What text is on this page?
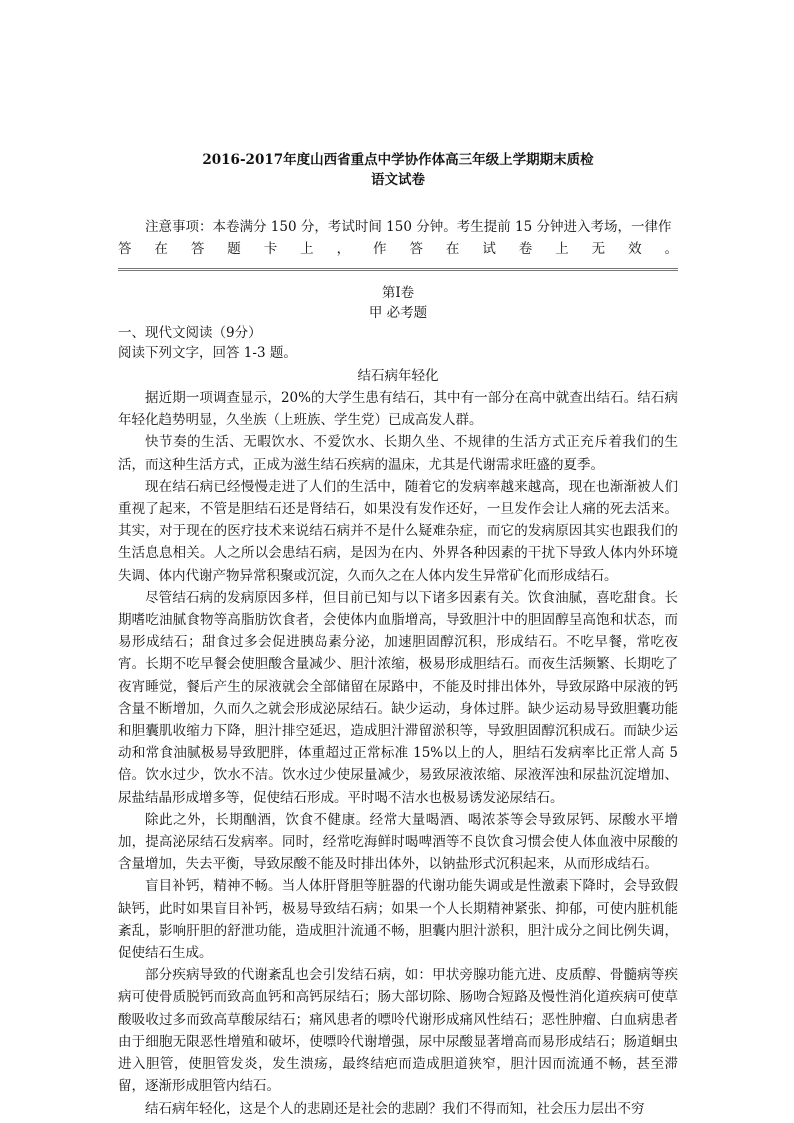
2016-2017年度山西省重点中学协作体高三年级上学期期末质检

语文试卷

注意事项：本卷满分 150 分，考试时间 150 分钟。考生提前 15 分钟进入考场，一律作

答在答题卡上，作答在试卷上无效。

第Ⅰ卷

甲 必考题

一、现代文阅读（9分）

阅读下列文字，回答 1-3 题。

结石病年轻化

据近期一项调查显示，20%的大学生患有结石，其中有一部分在高中就查出结石。结石病年轻化趋势明显，久坐族（上班族、学生党）已成高发人群。

快节奏的生活、无暇饮水、不爱饮水、长期久坐、不规律的生活方式正充斥着我们的生活，而这种生活方式，正成为滋生结石疾病的温床，尤其是代谢需求旺盛的夏季。

现在结石病已经慢慢走进了人们的生活中，随着它的发病率越来越高，现在也渐渐被人们重视了起来，不管是胆结石还是肾结石，如果没有发作还好，一旦发作会让人痛的死去活来。其实，对于现在的医疗技术来说结石病并不是什么疑难杂症，而它的发病原因其实也跟我们的生活息息相关。人之所以会患结石病，是因为在内、外界各种因素的干扰下导致人体内外环境失调、体内代谢产物异常积聚或沉淀，久而久之在人体内发生异常矿化而形成结石。

尽管结石病的发病原因多样，但目前已知与以下诸多因素有关。饮食油腻，喜吃甜食。长期嗜吃油腻食物等高脂肪饮食者，会使体内血脂增高，导致胆汁中的胆固醇呈高饱和状态，而易形成结石；甜食过多会促进胰岛素分泌，加速胆固醇沉积，形成结石。不吃早餐，常吃夜宵。长期不吃早餐会使胆酸含量减少、胆汁浓缩，极易形成胆结石。而夜生活频繁、长期吃了夜宵睡觉，餐后产生的尿液就会全部储留在尿路中，不能及时排出体外，导致尿路中尿液的钙含量不断增加，久而久之就会形成泌尿结石。缺少运动，身体过胖。缺少运动易导致胆囊功能和胆囊肌收缩力下降，胆汁排空延迟，造成胆汁滞留淤积等，导致胆固醇沉积成石。而缺少运动和常食油腻极易导致肥胖，体重超过正常标准 15%以上的人，胆结石发病率比正常人高 5 倍。饮水过少，饮水不洁。饮水过少使尿量减少，易致尿液浓缩、尿液浑浊和尿盐沉淀增加、尿盐结晶形成增多等，促使结石形成。平时喝不洁水也极易诱发泌尿结石。

除此之外，长期酗酒，饮食不健康。经常大量喝酒、喝浓茶等会导致尿钙、尿酸水平增加，提高泌尿结石发病率。同时，经常吃海鲜时喝啤酒等不良饮食习惯会使人体血液中尿酸的含量增加，失去平衡，导致尿酸不能及时排出体外，以钠盐形式沉积起来，从而形成结石。

盲目补钙，精神不畅。当人体肝肾胆等脏器的代谢功能失调或是性激素下降时，会导致假缺钙，此时如果盲目补钙，极易导致结石病；如果一个人长期精神紧张、抑郁，可使内脏机能紊乱，影响肝胆的舒泄功能，造成胆汁流通不畅，胆囊内胆汁淤积，胆汁成分之间比例失调，促使结石生成。

部分疾病导致的代谢紊乱也会引发结石病，如：甲状旁腺功能亢进、皮质醇、骨髓病等疾病可使骨质脱钙而致高血钙和高钙尿结石；肠大部切除、肠吻合短路及慢性消化道疾病可使草酸吸收过多而致高草酸尿结石；痛风患者的嘌呤代谢形成痛风性结石；恶性肿瘤、白血病患者由于细胞无限恶性增殖和破坏，使嘌呤代谢增强，尿中尿酸显著增高而易形成结石；肠道蛔虫进入胆管，使胆管发炎，发生溃疡，最终结疤而造成胆道狭窄，胆汁因而流通不畅，甚至滞留，逐渐形成胆管内结石。

结石病年轻化，这是个人的悲剧还是社会的悲剧？我们不得而知，社会压力层出不穷
